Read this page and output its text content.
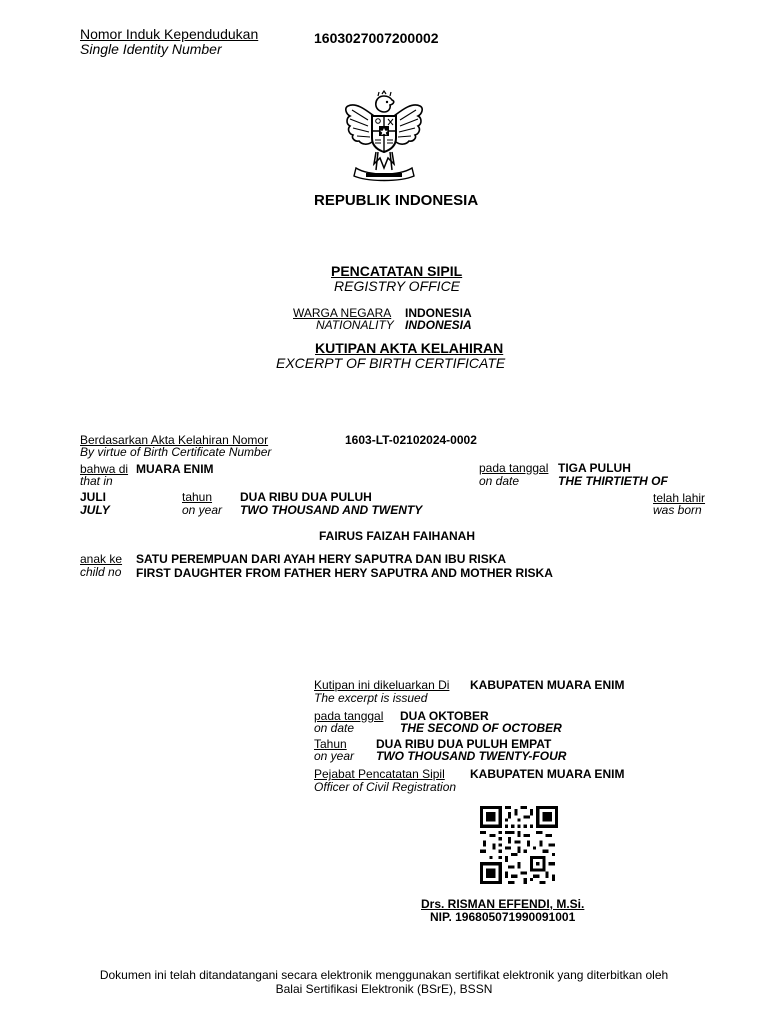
Nomor Induk Kependudukan
Single Identity Number
1603027007200002
REPUBLIK INDONESIA
PENCATATAN SIPIL
REGISTRY OFFICE
WARGA NEGARA INDONESIA
NATIONALITY INDONESIA
KUTIPAN AKTA KELAHIRAN
EXCERPT OF BIRTH CERTIFICATE
Berdasarkan Akta Kelahiran Nomor
By virtue of Birth Certificate Number
1603-LT-02102024-0002
bahwa di MUARA ENIM
that in
pada tanggal
on date
TIGA PULUH
THE THIRTIETH OF
JULI
JULY
tahun
on year
DUA RIBU DUA PULUH
TWO THOUSAND AND TWENTY
telah lahir
was born
FAIRUS FAIZAH FAIHANAH
anak ke
child no
SATU PEREMPUAN DARI AYAH HERY SAPUTRA DAN IBU RISKA
FIRST DAUGHTER FROM FATHER HERY SAPUTRA AND MOTHER RISKA
Kutipan ini dikeluarkan Di
The excerpt is issued
KABUPATEN MUARA ENIM
pada tanggal
on date
DUA OKTOBER
THE SECOND OF OCTOBER
Tahun
on year
DUA RIBU DUA PULUH EMPAT
TWO THOUSAND TWENTY-FOUR
Pejabat Pencatatan Sipil
Officer of Civil Registration
KABUPATEN MUARA ENIM
Drs. RISMAN EFFENDI, M.Si.
NIP. 196805071990091001
Dokumen ini telah ditandatangani secara elektronik menggunakan sertifikat elektronik yang diterbitkan oleh
Balai Sertifikasi Elektronik (BSrE), BSSN
